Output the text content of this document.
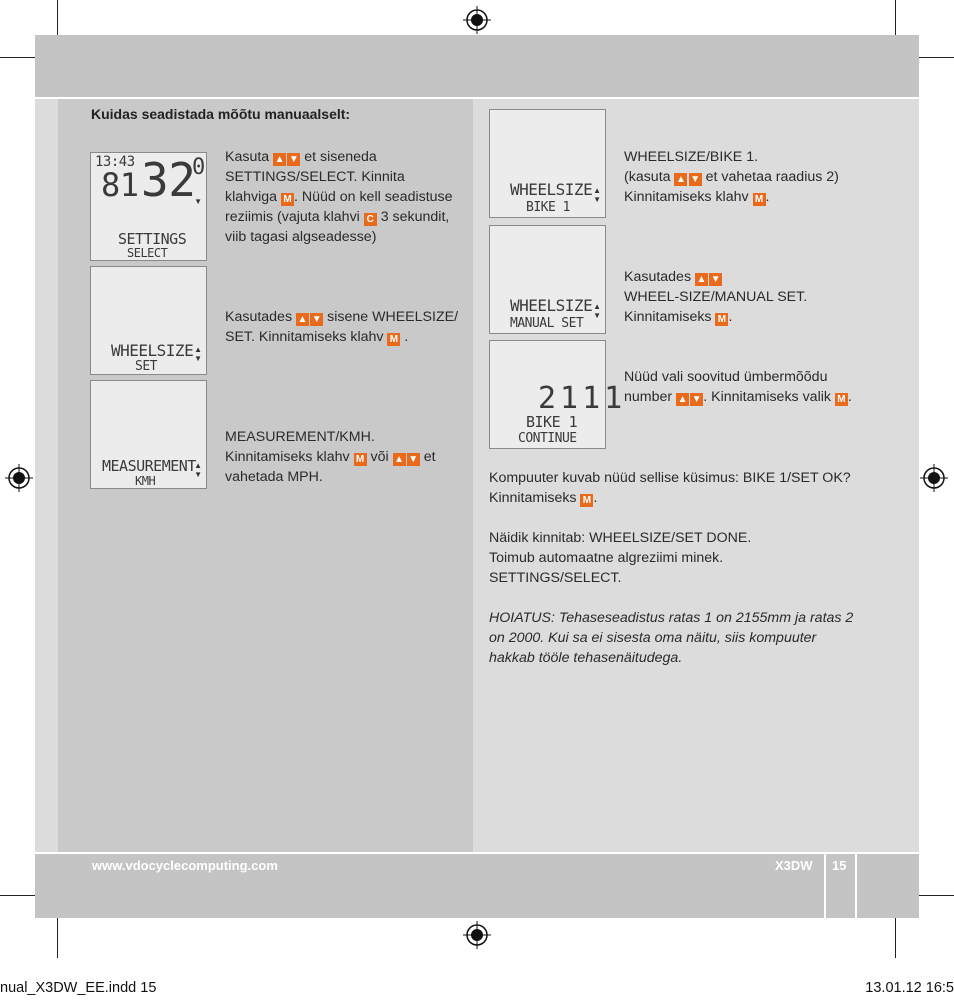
Kuidas seadistada mõõtu manuaalselt:
13:43
81 32
0
SETTINGS
SELECT
▼
Kasuta ▲  ▼ et siseneda SETTINGS/SELECT. Kinnita klahviga M . Nüüd on kell seadistuse reziimis (vajuta klahvi C 3 sekundit, viib tagasi algseadesse)
WHEELSIZE
SET
▲
▼
Kasutades ▲  ▼ sisene WHEELSIZE/ SET. Kinnitamiseks klahv M .
MEASUREMENT
KMH
▲
▼
MEASUREMENT/KMH. Kinnitamiseks klahv M või ▲  ▼ et vahetada MPH.
WHEELSIZE
BIKE 1
▲
▼
WHEELSIZE/BIKE 1.
(kasuta ▲  ▼ et vahetaa raadius 2) Kinnitamiseks klahv M .
WHEELSIZE
MANUAL SET
▲
▼
Kasutades ▲  ▼
WHEEL-SIZE/MANUAL SET.
Kinnitamiseks M .
2111
BIKE 1
CONTINUE
Nüüd vali soovitud ümbermõõdu number ▲  ▼ . Kinnitamiseks valik M .
Kompuuter kuvab nüüd sellise küsimus: BIKE 1/SET OK? Kinnitamiseks M .
Näidik kinnitab: WHEELSIZE/SET DONE.
Toimub automaatne algreziimi minek.
SETTINGS/SELECT.
HOIATUS: Tehaseseadistus ratas 1 on 2155mm ja ratas 2 on 2000. Kui sa ei sisesta oma näitu, siis kompuuter hakkab tööle tehasenäitudega.
www.vdocyclecomputing.com	X3DW 15
nual_X3DW_EE.indd 15	13.01.12 16:5
